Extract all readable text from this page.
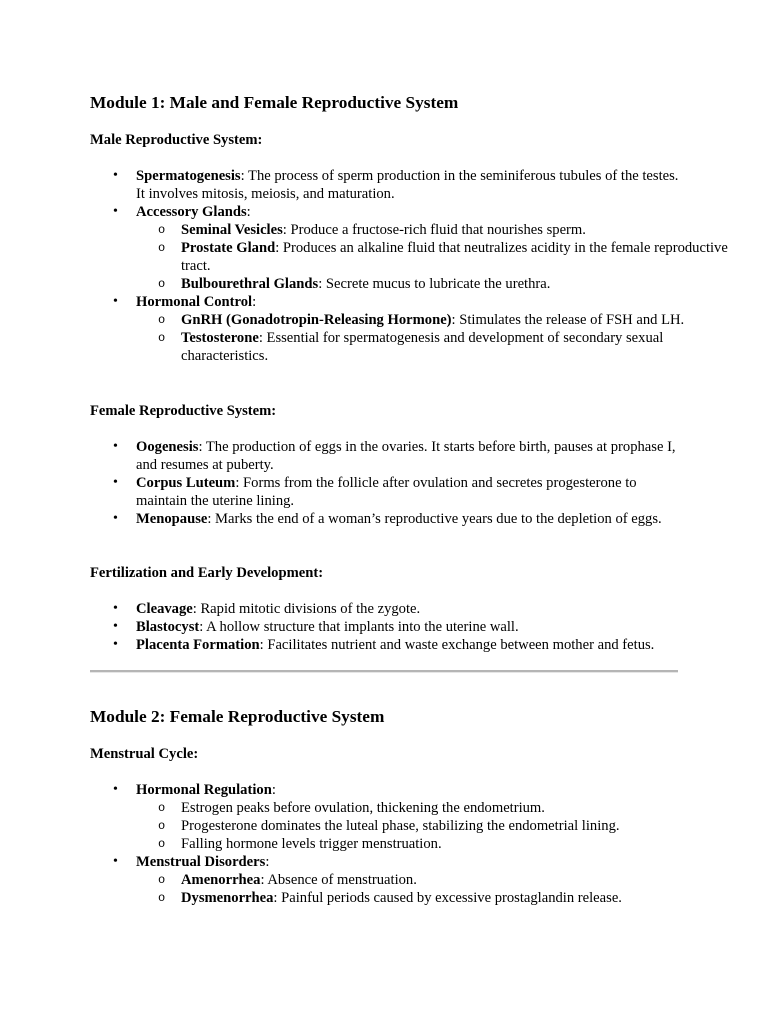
Module 1: Male and Female Reproductive System
Male Reproductive System:
• Spermatogenesis: The process of sperm production in the seminiferous tubules of the testes. It involves mitosis, meiosis, and maturation.
• Accessory Glands:
o Seminal Vesicles: Produce a fructose-rich fluid that nourishes sperm.
o Prostate Gland: Produces an alkaline fluid that neutralizes acidity in the female reproductive tract.
o Bulbourethral Glands: Secrete mucus to lubricate the urethra.
• Hormonal Control:
o GnRH (Gonadotropin-Releasing Hormone): Stimulates the release of FSH and LH.
o Testosterone: Essential for spermatogenesis and development of secondary sexual characteristics.
Female Reproductive System:
• Oogenesis: The production of eggs in the ovaries. It starts before birth, pauses at prophase I, and resumes at puberty.
• Corpus Luteum: Forms from the follicle after ovulation and secretes progesterone to maintain the uterine lining.
• Menopause: Marks the end of a woman’s reproductive years due to the depletion of eggs.
Fertilization and Early Development:
• Cleavage: Rapid mitotic divisions of the zygote.
• Blastocyst: A hollow structure that implants into the uterine wall.
• Placenta Formation: Facilitates nutrient and waste exchange between mother and fetus.
Module 2: Female Reproductive System
Menstrual Cycle:
• Hormonal Regulation:
o Estrogen peaks before ovulation, thickening the endometrium.
o Progesterone dominates the luteal phase, stabilizing the endometrial lining.
o Falling hormone levels trigger menstruation.
• Menstrual Disorders:
o Amenorrhea: Absence of menstruation.
o Dysmenorrhea: Painful periods caused by excessive prostaglandin release.
